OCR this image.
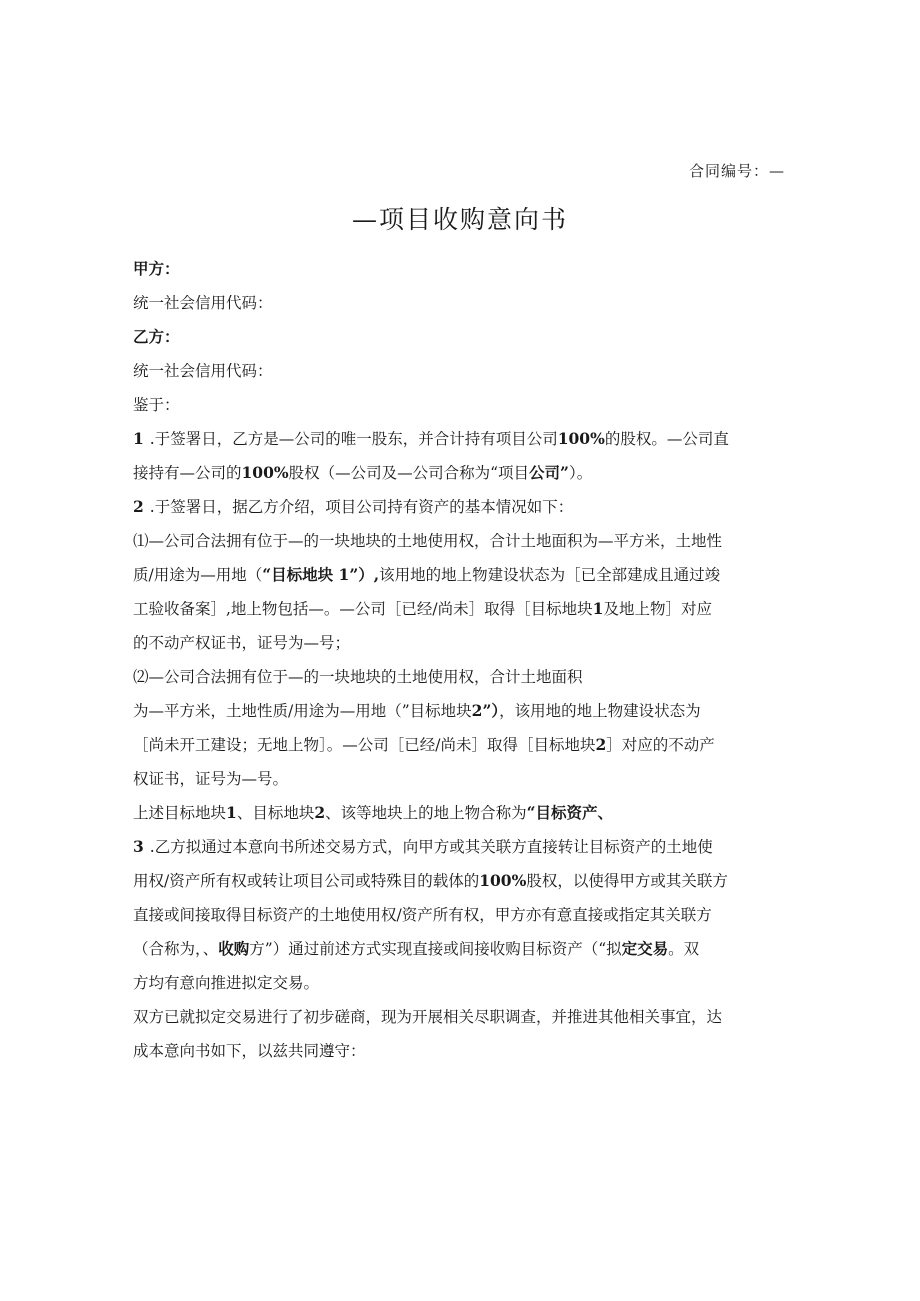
合同编号：—
—项目收购意向书
甲方：
统一社会信用代码：
乙方：
统一社会信用代码：
鉴于：
1 .于签署日，乙方是—公司的唯一股东，并合计持有项目公司100%的股权。—公司直
接持有—公司的100%股权（—公司及—公司合称为“项目公司”）。
2 .于签署日，据乙方介绍，项目公司持有资产的基本情况如下：
⑴—公司合法拥有位于—的一块地块的土地使用权，合计土地面积为—平方米，土地性
质/用途为—用地（“目标地块 1”）,该用地的地上物建设状态为［已全部建成且通过竣
工验收备案］,地上物包括—。—公司［已经/尚未］取得［目标地块1及地上物］对应
的不动产权证书，证号为—号；
⑵—公司合法拥有位于—的一块地块的土地使用权，合计土地面积
为—平方米，土地性质/用途为—用地（”目标地块2”），该用地的地上物建设状态为
［尚未开工建设；无地上物］。—公司［已经/尚未］取得［目标地块2］对应的不动产
权证书，证号为—号。
上述目标地块1、目标地块2、该等地块上的地上物合称为“目标资产、
3 .乙方拟通过本意向书所述交易方式，向甲方或其关联方直接转让目标资产的土地使
用权/资产所有权或转让项目公司或特殊目的载体的100%股权，以使得甲方或其关联方
直接或间接取得目标资产的土地使用权/资产所有权，甲方亦有意直接或指定其关联方
（合称为，、收购方”）通过前述方式实现直接或间接收购目标资产（“拟定交易。双
方均有意向推进拟定交易。
双方已就拟定交易进行了初步磋商，现为开展相关尽职调查，并推进其他相关事宜，达
成本意向书如下，以兹共同遵守：
